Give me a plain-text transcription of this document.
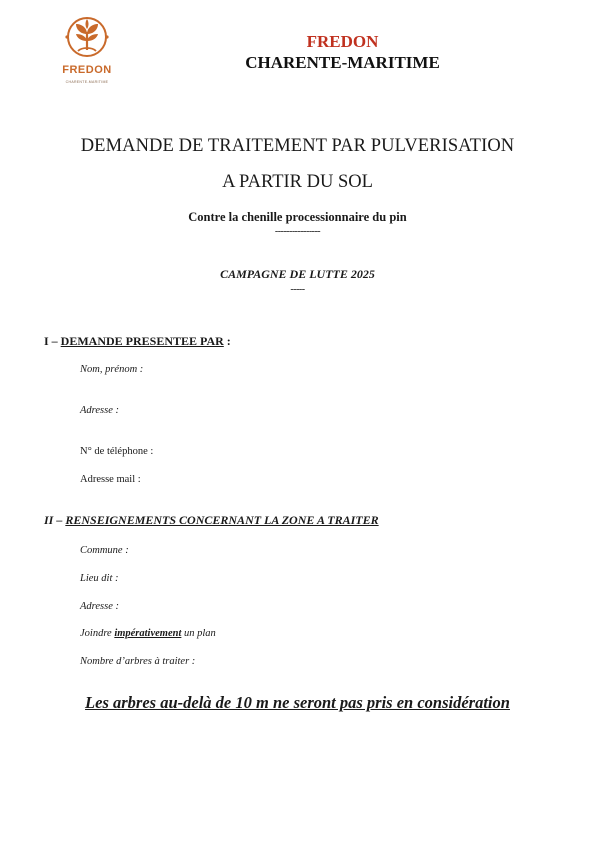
FREDON
CHARENTE-MARITIME
FREDON
CHARENTE-MARITIME
DEMANDE DE TRAITEMENT PAR PULVERISATION
A PARTIR DU SOL
Contre la chenille processionnaire du pin
----------------
CAMPAGNE DE LUTTE 2025
-----
I – DEMANDE PRESENTEE PAR :
Nom, prénom :
Adresse :
N° de téléphone :
Adresse mail :
II – RENSEIGNEMENTS CONCERNANT LA ZONE A TRAITER
Commune :
Lieu dit :
Adresse :
Joindre impérativement un plan
Nombre d’arbres à traiter :
Les arbres au-delà de 10 m ne seront pas pris en considération
